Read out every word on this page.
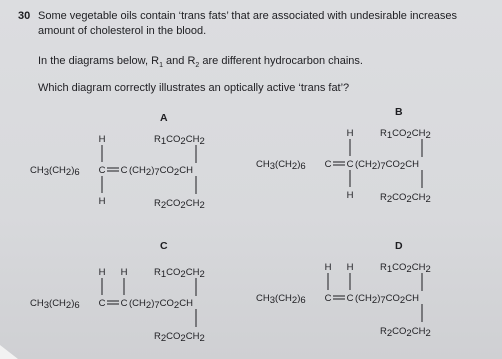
30 Some vegetable oils contain ‘trans fats’ that are associated with undesirable increases
amount of cholesterol in the blood.
In the diagrams below, $R_1$ and $R_2$ are different hydrocarbon chains.
Which diagram correctly illustrates an optically active ‘trans fat’?
A	B
C	D
CH3(CH2)6 C C (CH2)7CO2CH
H
H
R1CO2CH2
R2CO2CH2
CH3(CH2)6 C C (CH2)7CO2CH
H
H
R1CO2CH2
R2CO2CH2
CH3(CH2)6 C C (CH2)7CO2CH
H H	R1CO2CH2
R2CO2CH2
CH3(CH2)6 C C (CH2)7CO2CH
H H	R1CO2CH2
R2CO2CH2
